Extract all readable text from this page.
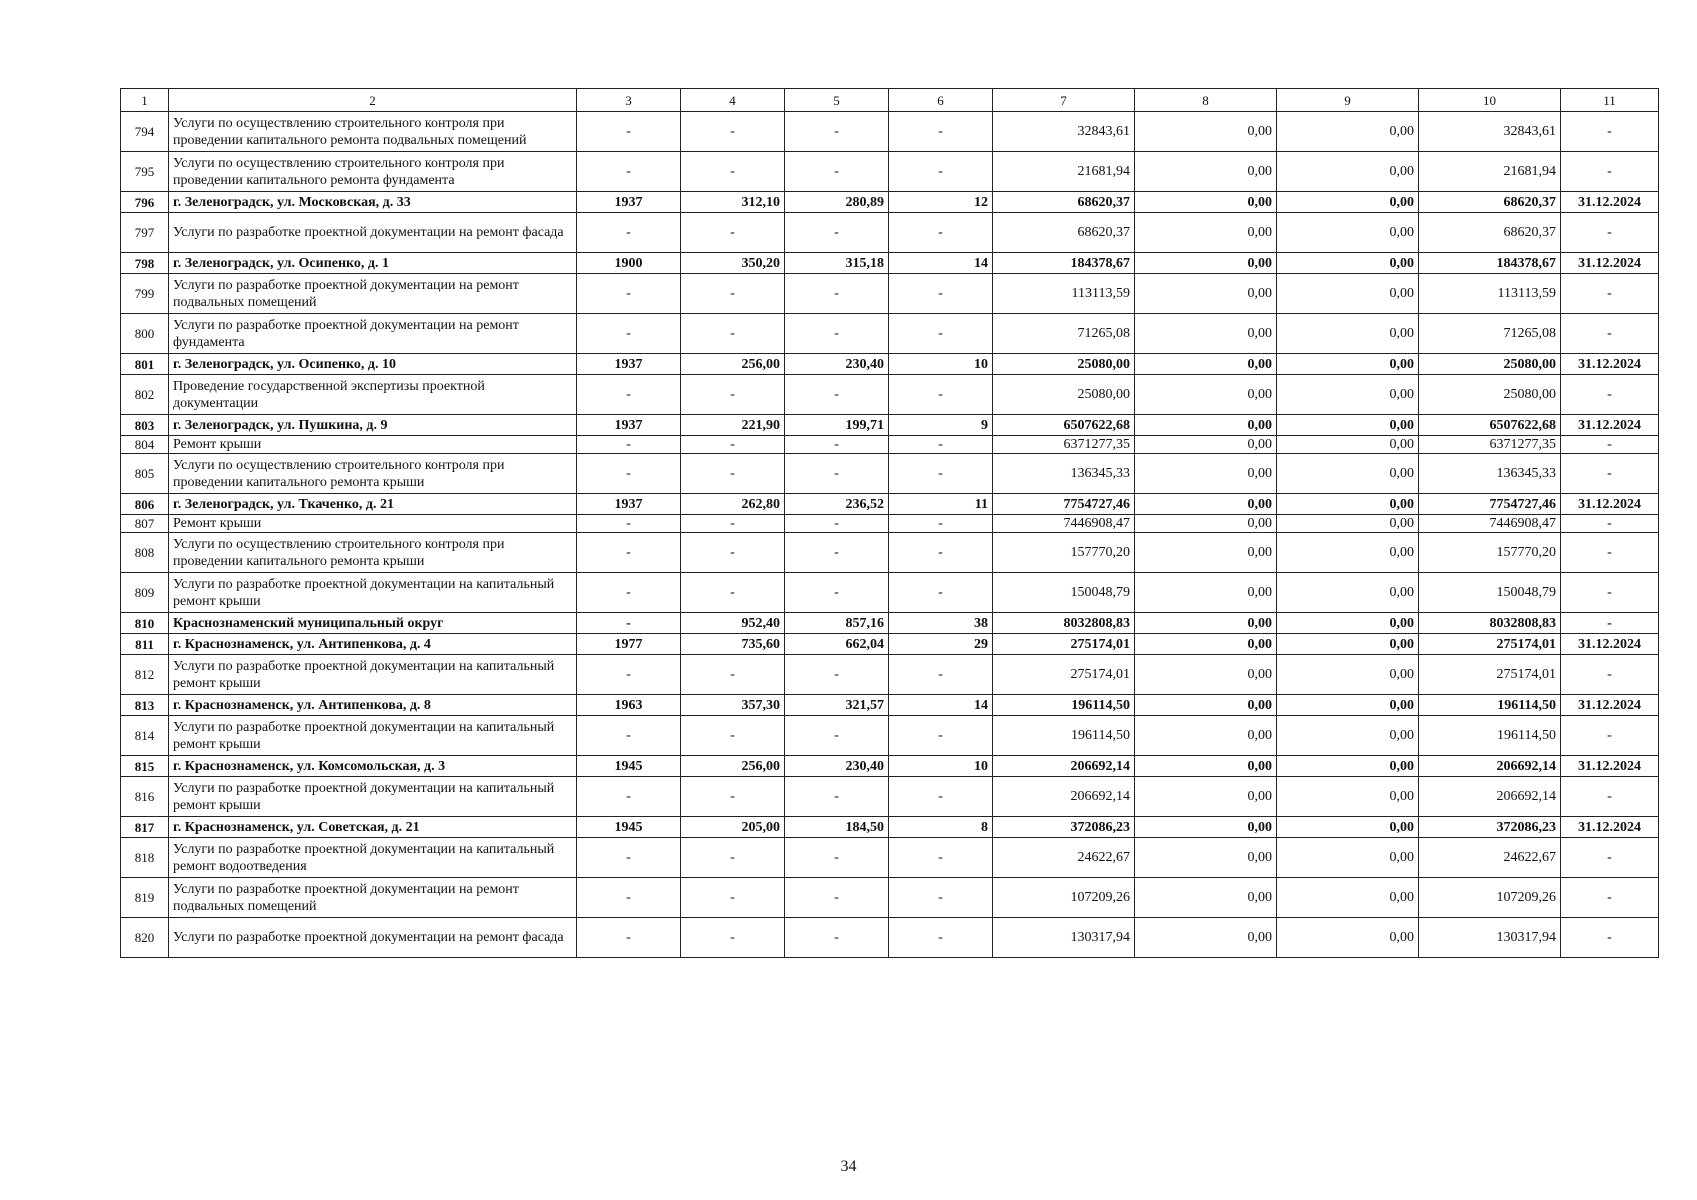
1	2	3	4	5	6	7	8	9	10	11
794	Услуги по осуществлению строительного контроля при проведении капитального ремонта подвальных помещений	-	-	-	-	32843,61	0,00	0,00	32843,61	-
795	Услуги по осуществлению строительного контроля при проведении капитального ремонта фундамента	-	-	-	-	21681,94	0,00	0,00	21681,94	-
796	г. Зеленоградск, ул. Московская, д. 33	1937	312,10	280,89	12	68620,37	0,00	0,00	68620,37	31.12.2024
797	Услуги по разработке проектной документации на ремонт фасада	-	-	-	-	68620,37	0,00	0,00	68620,37	-
798	г. Зеленоградск, ул. Осипенко, д. 1	1900	350,20	315,18	14	184378,67	0,00	0,00	184378,67	31.12.2024
799	Услуги по разработке проектной документации на ремонт подвальных помещений	-	-	-	-	113113,59	0,00	0,00	113113,59	-
800	Услуги по разработке проектной документации на ремонт фундамента	-	-	-	-	71265,08	0,00	0,00	71265,08	-
801	г. Зеленоградск, ул. Осипенко, д. 10	1937	256,00	230,40	10	25080,00	0,00	0,00	25080,00	31.12.2024
802	Проведение государственной экспертизы проектной документации	-	-	-	-	25080,00	0,00	0,00	25080,00	-
803	г. Зеленоградск, ул. Пушкина, д. 9	1937	221,90	199,71	9	6507622,68	0,00	0,00	6507622,68	31.12.2024
804	Ремонт крыши	-	-	-	-	6371277,35	0,00	0,00	6371277,35	-
805	Услуги по осуществлению строительного контроля при проведении капитального ремонта крыши	-	-	-	-	136345,33	0,00	0,00	136345,33	-
806	г. Зеленоградск, ул. Ткаченко, д. 21	1937	262,80	236,52	11	7754727,46	0,00	0,00	7754727,46	31.12.2024
807	Ремонт крыши	-	-	-	-	7446908,47	0,00	0,00	7446908,47	-
808	Услуги по осуществлению строительного контроля при проведении капитального ремонта крыши	-	-	-	-	157770,20	0,00	0,00	157770,20	-
809	Услуги по разработке проектной документации на капитальный ремонт крыши	-	-	-	-	150048,79	0,00	0,00	150048,79	-
810	Краснознаменский муниципальный округ	-	952,40	857,16	38	8032808,83	0,00	0,00	8032808,83	-
811	г. Краснознаменск, ул. Антипенкова, д. 4	1977	735,60	662,04	29	275174,01	0,00	0,00	275174,01	31.12.2024
812	Услуги по разработке проектной документации на капитальный ремонт крыши	-	-	-	-	275174,01	0,00	0,00	275174,01	-
813	г. Краснознаменск, ул. Антипенкова, д. 8	1963	357,30	321,57	14	196114,50	0,00	0,00	196114,50	31.12.2024
814	Услуги по разработке проектной документации на капитальный ремонт крыши	-	-	-	-	196114,50	0,00	0,00	196114,50	-
815	г. Краснознаменск, ул. Комсомольская, д. 3	1945	256,00	230,40	10	206692,14	0,00	0,00	206692,14	31.12.2024
816	Услуги по разработке проектной документации на капитальный ремонт крыши	-	-	-	-	206692,14	0,00	0,00	206692,14	-
817	г. Краснознаменск, ул. Советская, д. 21	1945	205,00	184,50	8	372086,23	0,00	0,00	372086,23	31.12.2024
818	Услуги по разработке проектной документации на капитальный ремонт водоотведения	-	-	-	-	24622,67	0,00	0,00	24622,67	-
819	Услуги по разработке проектной документации на ремонт подвальных помещений	-	-	-	-	107209,26	0,00	0,00	107209,26	-
820	Услуги по разработке проектной документации на ремонт фасада	-	-	-	-	130317,94	0,00	0,00	130317,94	-
34
